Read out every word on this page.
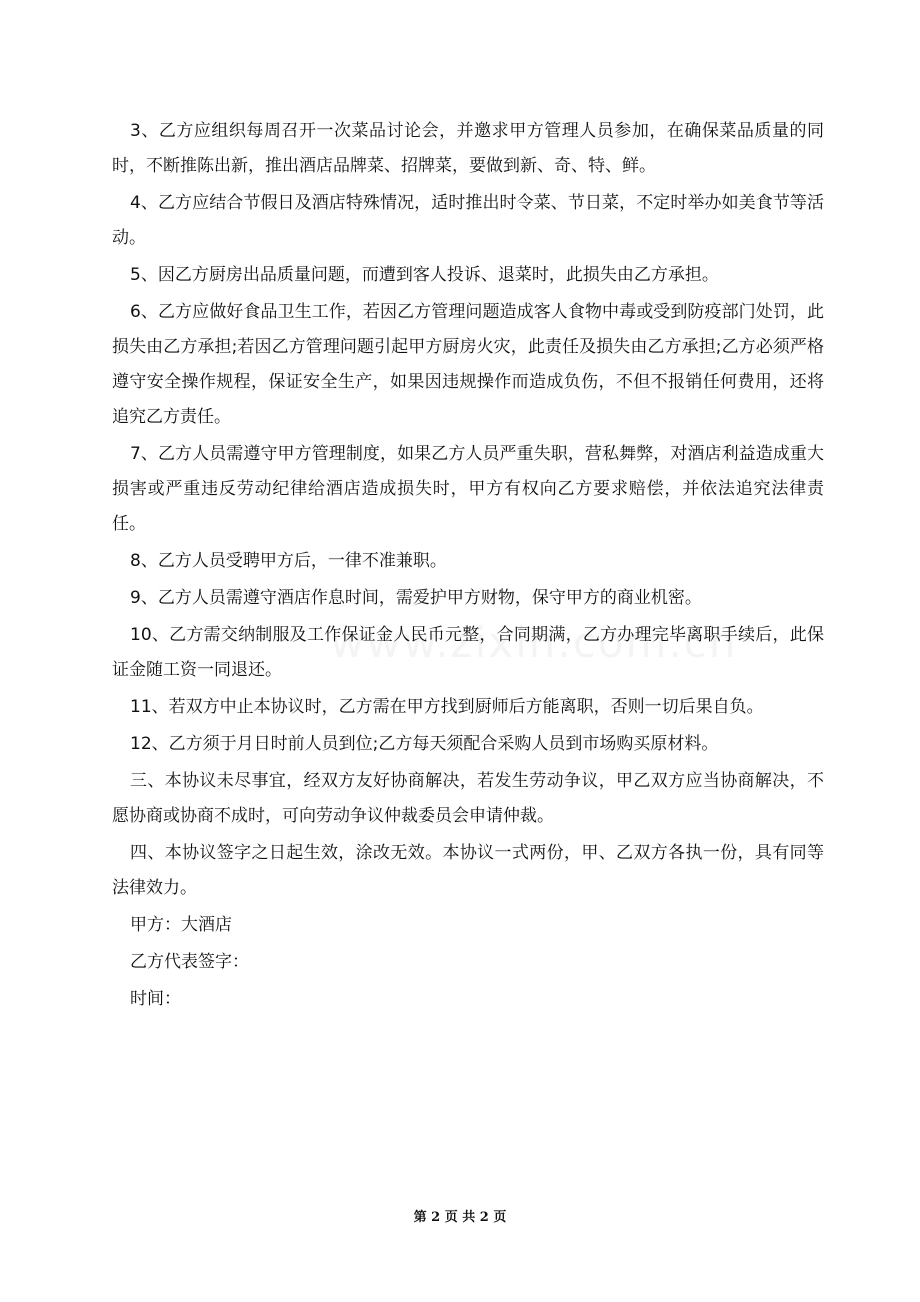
3、乙方应组织每周召开一次菜品讨论会，并邀求甲方管理人员参加，在确保菜品质量的同时，不断推陈出新，推出酒店品牌菜、招牌菜，要做到新、奇、特、鲜。

4、乙方应结合节假日及酒店特殊情况，适时推出时令菜、节日菜，不定时举办如美食节等活动。

5、因乙方厨房出品质量问题，而遭到客人投诉、退菜时，此损失由乙方承担。

6、乙方应做好食品卫生工作，若因乙方管理问题造成客人食物中毒或受到防疫部门处罚，此损失由乙方承担;若因乙方管理问题引起甲方厨房火灾，此责任及损失由乙方承担;乙方必须严格遵守安全操作规程，保证安全生产，如果因违规操作而造成负伤，不但不报销任何费用，还将追究乙方责任。

7、乙方人员需遵守甲方管理制度，如果乙方人员严重失职，营私舞弊，对酒店利益造成重大损害或严重违反劳动纪律给酒店造成损失时，甲方有权向乙方要求赔偿，并依法追究法律责任。

8、乙方人员受聘甲方后，一律不准兼职。

9、乙方人员需遵守酒店作息时间，需爱护甲方财物，保守甲方的商业机密。

10、乙方需交纳制服及工作保证金人民币元整，合同期满，乙方办理完毕离职手续后，此保证金随工资一同退还。

11、若双方中止本协议时，乙方需在甲方找到厨师后方能离职，否则一切后果自负。

12、乙方须于月日时前人员到位;乙方每天须配合采购人员到市场购买原材料。

三、本协议未尽事宜，经双方友好协商解决，若发生劳动争议，甲乙双方应当协商解决，不愿协商或协商不成时，可向劳动争议仲裁委员会申请仲裁。

四、本协议签字之日起生效，涂改无效。本协议一式两份，甲、乙双方各执一份，具有同等法律效力。

甲方：大酒店

乙方代表签字：

时间：

第 2 页 共 2 页
